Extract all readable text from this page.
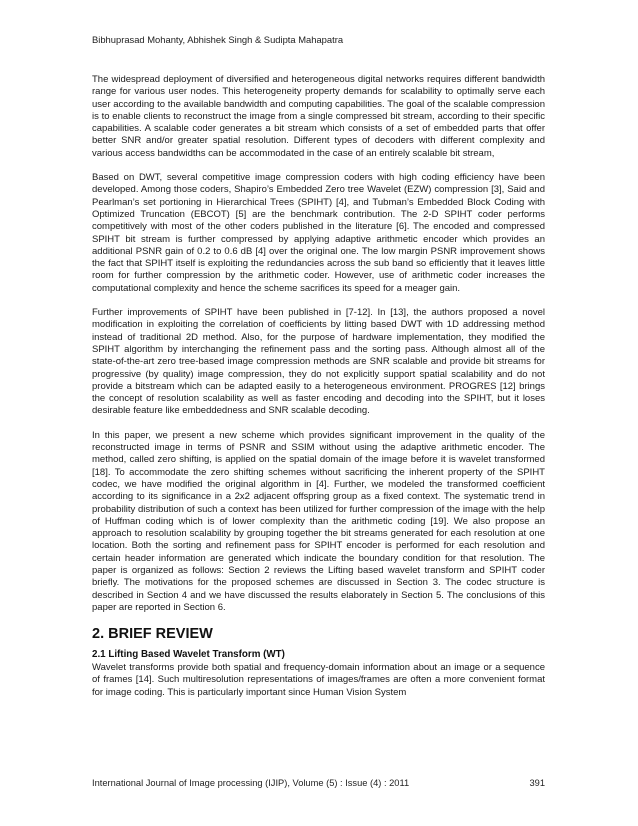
Bibhuprasad Mohanty, Abhishek Singh & Sudipta Mahapatra

The widespread deployment of diversified and heterogeneous digital networks requires different bandwidth range for various user nodes. This heterogeneity property demands for scalability to optimally serve each user according to the available bandwidth and computing capabilities. The goal of the scalable compression is to enable clients to reconstruct the image from a single compressed bit stream, according to their specific capabilities. A scalable coder generates a bit stream which consists of a set of embedded parts that offer better SNR and/or greater spatial resolution. Different types of decoders with different complexity and various access bandwidths can be accommodated in the case of an entirely scalable bit stream,

Based on DWT, several competitive image compression coders with high coding efficiency have been developed. Among those coders, Shapiro’s Embedded Zero tree Wavelet (EZW) compression [3], Said and Pearlman’s set portioning in Hierarchical Trees (SPIHT) [4], and Tubman’s Embedded Block Coding with Optimized Truncation (EBCOT) [5] are the benchmark contribution. The 2-D SPIHT coder performs competitively with most of the other coders published in the literature [6]. The encoded and compressed SPIHT bit stream is further compressed by applying adaptive arithmetic encoder which provides an additional PSNR gain of 0.2 to 0.6 dB [4] over the original one. The low margin PSNR improvement shows the fact that SPIHT itself is exploiting the redundancies across the sub band so efficiently that it leaves little room for further compression by the arithmetic coder. However, use of arithmetic coder increases the computational complexity and hence the scheme sacrifices its speed for a meager gain.

Further improvements of SPIHT have been published in [7-12]. In [13], the authors proposed a novel modification in exploiting the correlation of coefficients by litting based DWT with 1D addressing method instead of traditional 2D method. Also, for the purpose of hardware implementation, they modified the SPIHT algorithm by interchanging the refinement pass and the sorting pass. Although almost all of the state-of-the-art zero tree-based image compression methods are SNR scalable and provide bit streams for progressive (by quality) image compression, they do not explicitly support spatial scalability and do not provide a bitstream which can be adapted easily to a heterogeneous environment. PROGRES [12] brings the concept of resolution scalability as well as faster encoding and decoding into the SPIHT, but it loses desirable feature like embeddedness and SNR scalable decoding.

In this paper, we present a new scheme which provides significant improvement in the quality of the reconstructed image in terms of PSNR and SSIM without using the adaptive arithmetic encoder. The method, called zero shifting, is applied on the spatial domain of the image before it is wavelet transformed [18]. To accommodate the zero shifting schemes without sacrificing the inherent property of the SPIHT codec, we have modified the original algorithm in [4]. Further, we modeled the transformed coefficient according to its significance in a 2x2 adjacent offspring group as a fixed context. The systematic trend in probability distribution of such a context has been utilized for further compression of the image with the help of Huffman coding which is of lower complexity than the arithmetic coding [19]. We also propose an approach to resolution scalability by grouping together the bit streams generated for each resolution at one location. Both the sorting and refinement pass for SPIHT encoder is performed for each resolution and certain header information are generated which indicate the boundary condition for that resolution. The paper is organized as follows: Section 2 reviews the Lifting based wavelet transform and SPIHT coder briefly. The motivations for the proposed schemes are discussed in Section 3. The codec structure is described in Section 4 and we have discussed the results elaborately in Section 5. The conclusions of this paper are reported in Section 6.

2. BRIEF REVIEW
2.1 Lifting Based Wavelet Transform (WT)

Wavelet transforms provide both spatial and frequency-domain information about an image or a sequence of frames [14]. Such multiresolution representations of images/frames are often a more convenient format for image coding. This is particularly important since Human Vision System

International Journal of Image processing (IJIP), Volume (5) : Issue (4) : 2011	391
